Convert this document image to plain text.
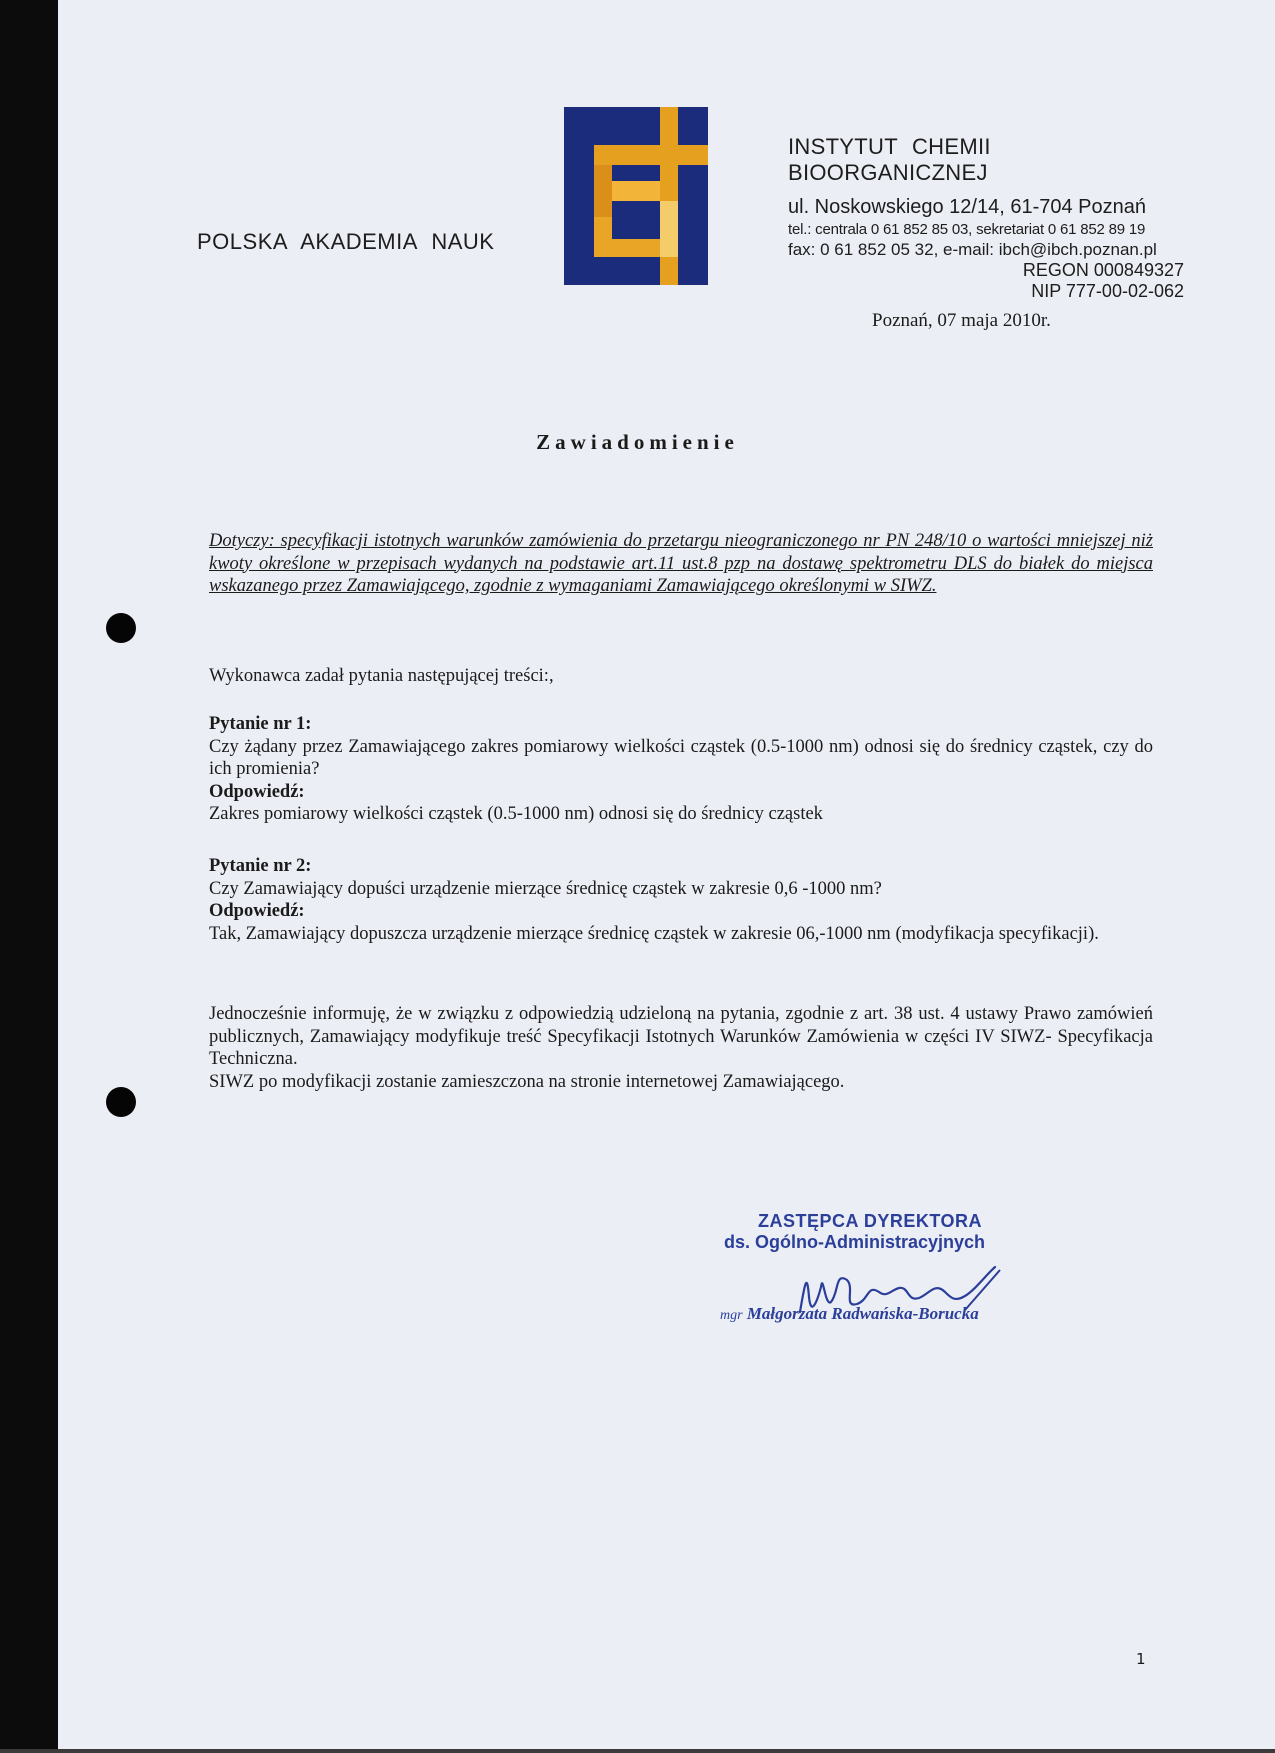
POLSKA AKADEMIA NAUK
INSTYTUT CHEMII BIOORGANICZNEJ
ul. Noskowskiego 12/14, 61-704 Poznań
tel.: centrala 0 61 852 85 03, sekretariat 0 61 852 89 19
fax: 0 61 852 05 32, e-mail: ibch@ibch.poznan.pl
REGON 000849327
NIP 777-00-02-062
Poznań, 07 maja 2010r.
Zawiadomienie
Dotyczy: specyfikacji istotnych warunków zamówienia do przetargu nieograniczonego nr PN 248/10 o wartości mniejszej niż kwoty określone w przepisach wydanych na podstawie art.11 ust.8 pzp na dostawę spektrometru DLS do białek do miejsca wskazanego przez Zamawiającego, zgodnie z wymaganiami Zamawiającego określonymi w SIWZ.

Wykonawca zadał pytania następującej treści:,

Pytanie nr 1:

Czy żądany przez Zamawiającego zakres pomiarowy wielkości cząstek (0.5-1000 nm) odnosi się do średnicy cząstek, czy do ich promienia?

Odpowiedź:

Zakres pomiarowy wielkości cząstek (0.5-1000 nm) odnosi się do średnicy cząstek

Pytanie nr 2:

Czy Zamawiający dopuści urządzenie mierzące średnicę cząstek w zakresie 0,6 -1000 nm?

Odpowiedź:

Tak, Zamawiający dopuszcza urządzenie mierzące średnicę cząstek w zakresie 06,-1000 nm (modyfikacja specyfikacji).

Jednocześnie informuję, że w związku z odpowiedzią udzieloną na pytania, zgodnie z art. 38 ust. 4 ustawy Prawo zamówień publicznych, Zamawiający modyfikuje treść Specyfikacji Istotnych Warunków Zamówienia w części IV SIWZ- Specyfikacja Techniczna.

SIWZ po modyfikacji zostanie zamieszczona na stronie internetowej Zamawiającego.

ZASTĘPCA DYREKTORA
ds. Ogólno-Administracyjnych
mgr Małgorzata Radwańska-Borucka
1
